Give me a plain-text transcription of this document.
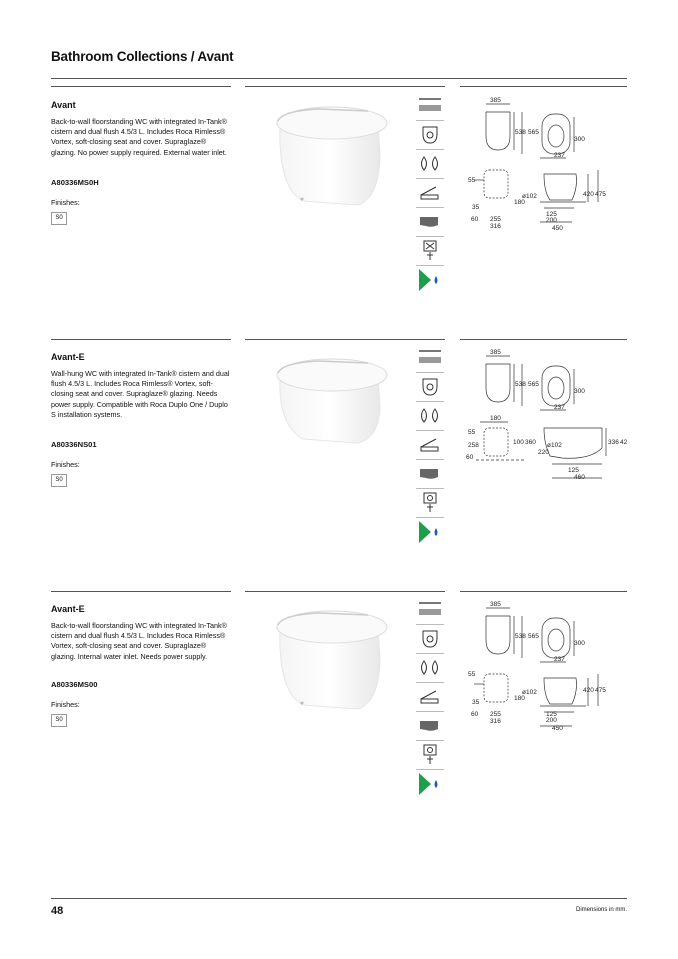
Bathroom Collections / Avant
Avant
Back-to-wall floorstanding WC with integrated In-Tank® cistern and dual flush 4.5/3 L. Includes Roca Rimless® Vortex, soft-closing seat and cover. Supraglaze® glazing. No power supply required. External water inlet.
A80336MS0H
Finishes:
S0
385
538 565
300
237
55
35
180
60 255
316
ø102	420 475
125
200
450
Avant-E
Wall-hung WC with integrated In-Tank® cistern and dual flush 4.5/3 L. Includes Roca Rimless® Vortex, soft-closing seat and cover. Supraglaze® glazing. Needs power supply. Compatible with Roca Duplo One / Duplo S installation systems.
A80336NS01
Finishes:
S0
385
538 565
300
237
55
258
180
60
100 360 ø102	336 42
125
220
460
Avant-E
Back-to-wall floorstanding WC with integrated In-Tank® cistern and dual flush 4.5/3 L. Includes Roca Rimless® Vortex, soft-closing seat and cover. Supraglaze® glazing. Internal water inlet. Needs power supply.
A80336MS00
Finishes:
S0
385
538 565
300
237
55
35
180
60 255
316
ø102	420 475
125
200
450
48	Dimensions in mm.
